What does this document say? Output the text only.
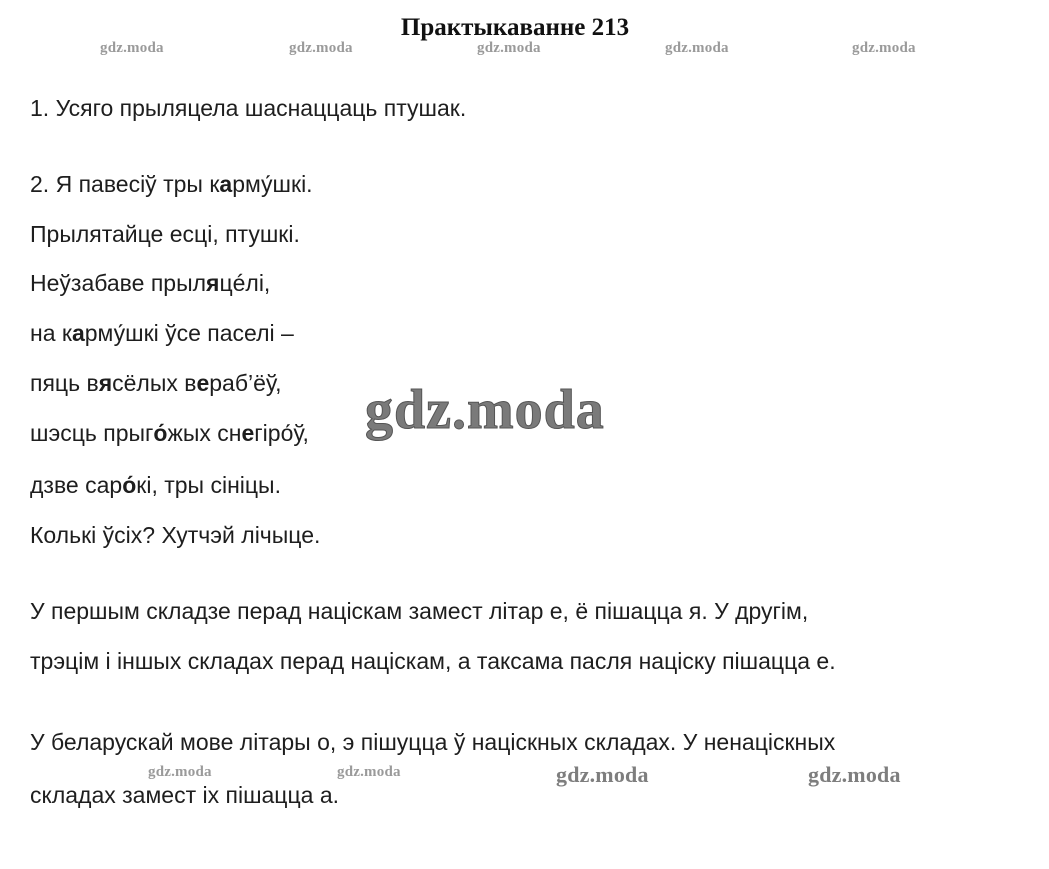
Практыкаванне 213
gdz.moda	gdz.moda	gdz.moda	gdz.moda	gdz.moda
1. Усяго прыляцела шаснаццаць птушак.
2. Я павесіў тры карму́шкі.
Прылятайце есці, птушкі.
Неўзабаве прыляцéлі,
на карму́шкі ўсе паселі –
пяць вясёлых вераб’ёў,
шэсць прыго́жых снегіро́ў,
дзве саро́кі, тры сініцы.
Колькі ўсіх? Хутчэй лічыце.
gdz.moda
У першым складзе перад націскам замест літар е, ё пішацца я. У другім,
трэцім і іншых складах перад націскам, а таксама пасля націску пішацца е.
У беларускай мове літары о, э пішуцца ў націскных складах. У ненаціскных
складах замест іх пішацца а.
gdz.moda	gdz.moda	gdz.moda	gdz.moda
